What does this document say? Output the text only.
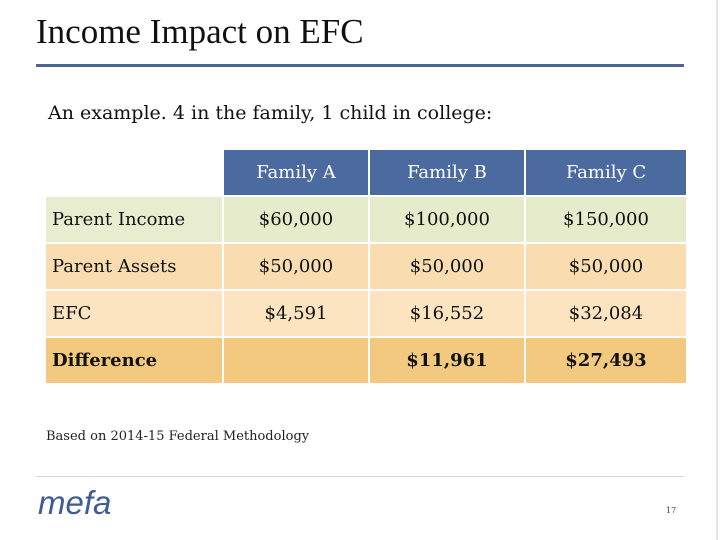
Income Impact on EFC
An example. 4 in the family, 1 child in college:
	Family A	Family B	Family C
Parent Income	$60,000	$100,000	$150,000
Parent Assets	$50,000	$50,000	$50,000
EFC	$4,591	$16,552	$32,084
Difference		$11,961	$27,493
Based on 2014-15 Federal Methodology
mefa	17
